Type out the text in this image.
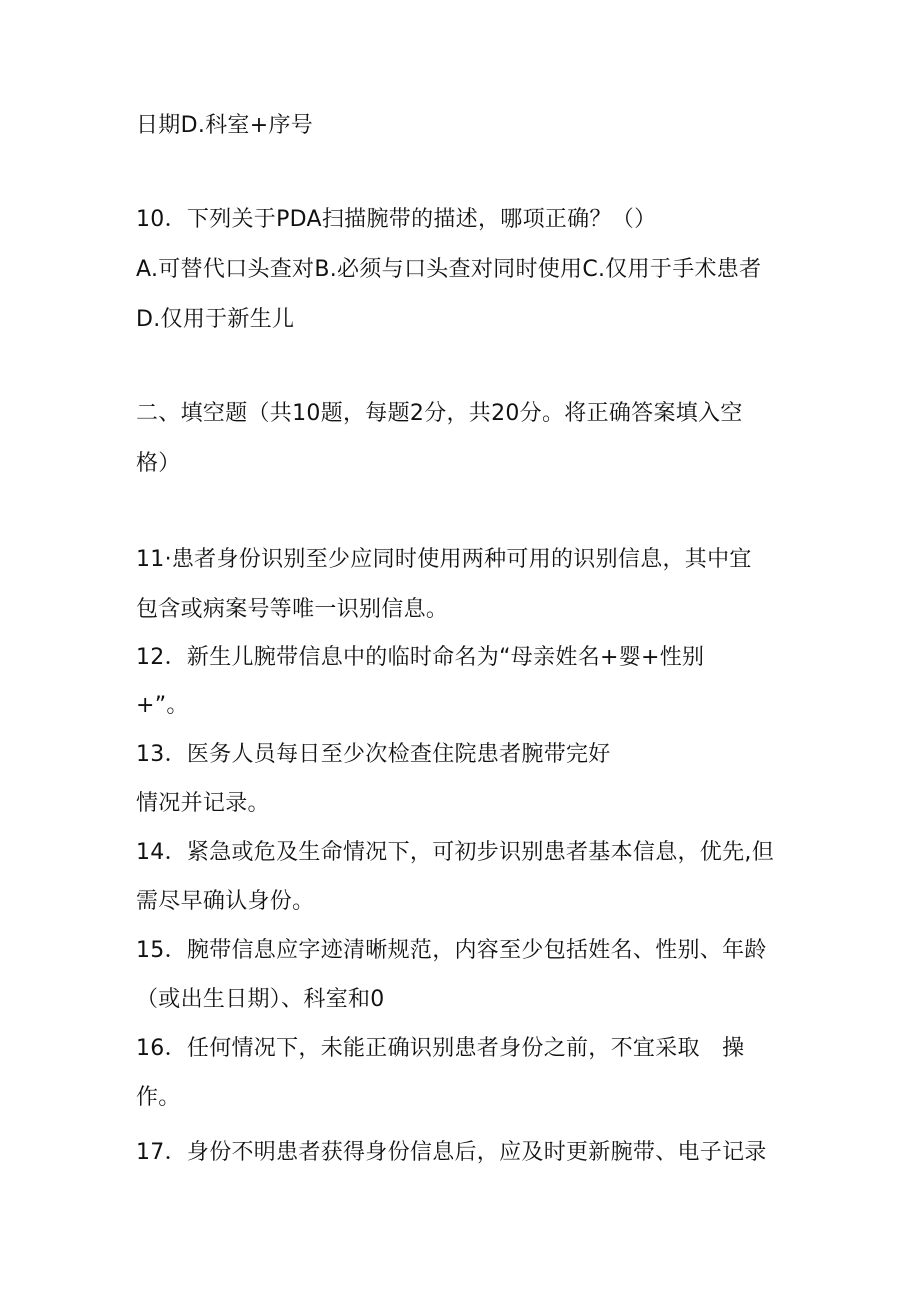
日期D.科室+序号
10．下列关于PDA扫描腕带的描述，哪项正确？（）
A.可替代口头查对B.必须与口头查对同时使用C.仅用于手术患者
D.仅用于新生儿
二、填空题（共10题，每题2分，共20分。将正确答案填入空
格）
11·患者身份识别至少应同时使用两种可用的识别信息，其中宜
包含或病案号等唯一识别信息。
12．新生儿腕带信息中的临时命名为“母亲姓名+婴+性别
+”。
13．医务人员每日至少次检查住院患者腕带完好
情况并记录。
14．紧急或危及生命情况下，可初步识别患者基本信息，优先,但
需尽早确认身份。
15．腕带信息应字迹清晰规范，内容至少包括姓名、性别、年龄
（或出生日期）、科室和0
16．任何情况下，未能正确识别患者身份之前，不宜采取　操
作。
17．身份不明患者获得身份信息后，应及时更新腕带、电子记录
